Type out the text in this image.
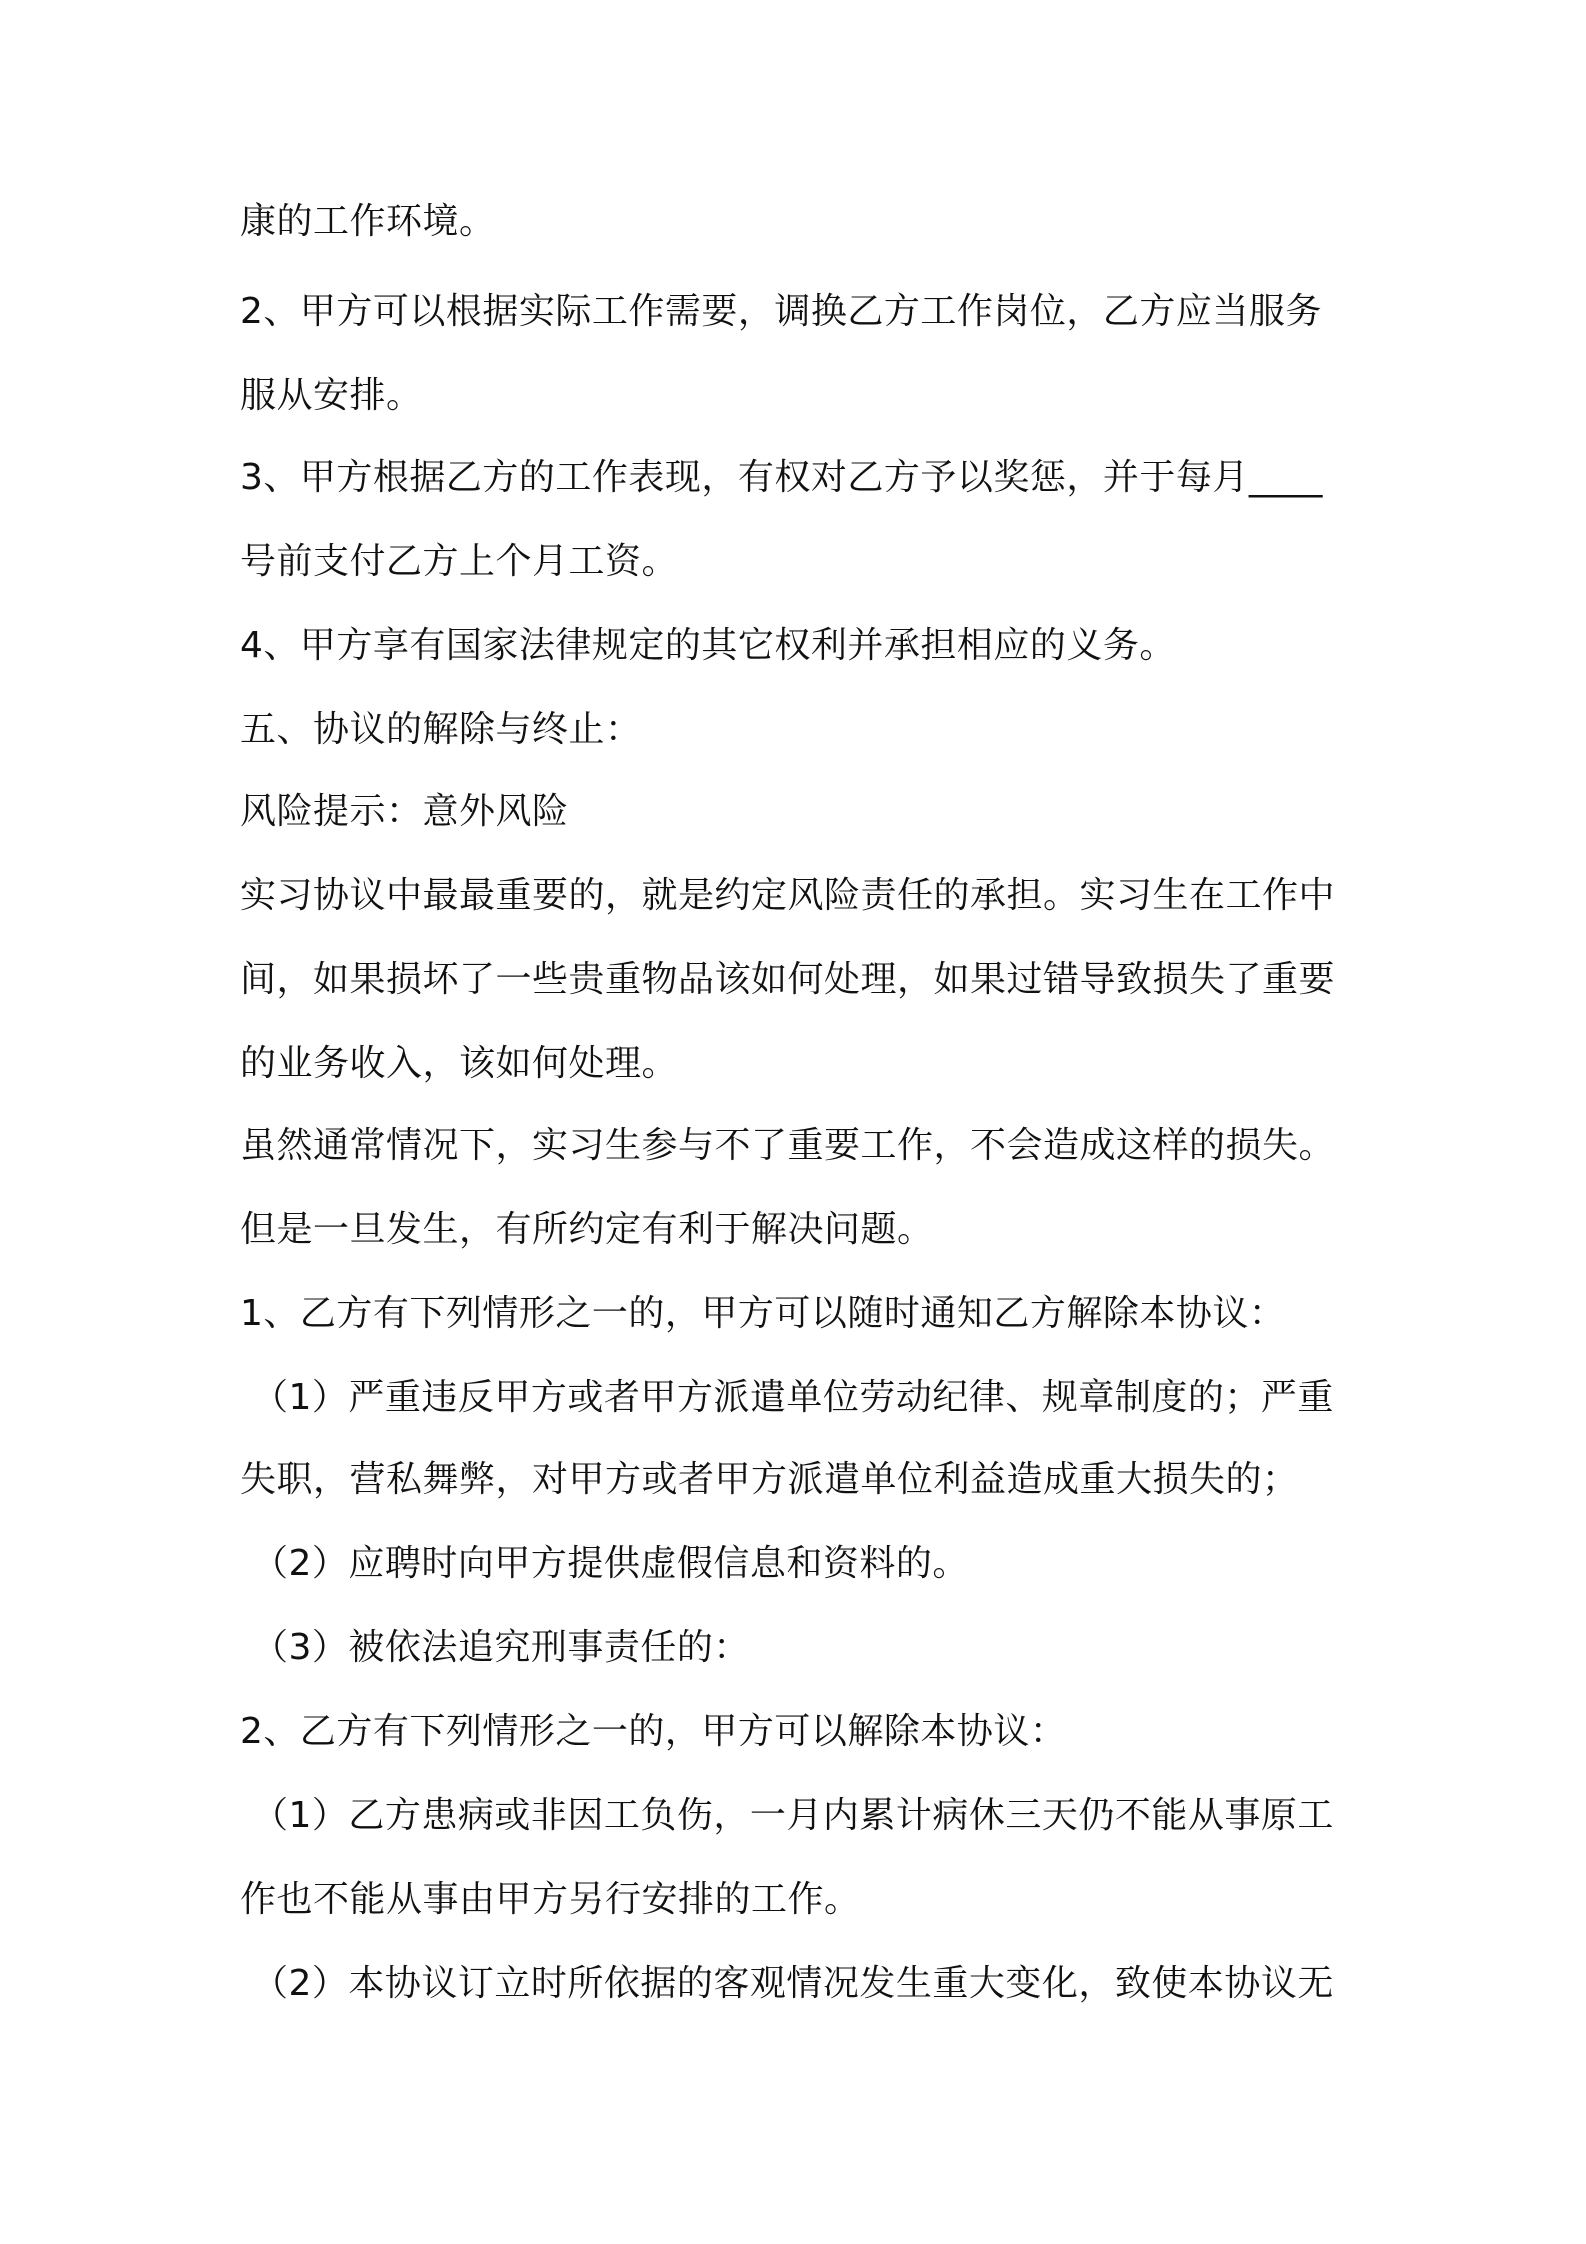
康的工作环境。
2、甲方可以根据实际工作需要，调换乙方工作岗位，乙方应当服务
服从安排。
3、甲方根据乙方的工作表现，有权对乙方予以奖惩，并于每月____
号前支付乙方上个月工资。
4、甲方享有国家法律规定的其它权利并承担相应的义务。
五、协议的解除与终止：
风险提示：意外风险
实习协议中最最重要的，就是约定风险责任的承担。实习生在工作中
间，如果损坏了一些贵重物品该如何处理，如果过错导致损失了重要
的业务收入，该如何处理。
虽然通常情况下，实习生参与不了重要工作，不会造成这样的损失。
但是一旦发生，有所约定有利于解决问题。
1、乙方有下列情形之一的，甲方可以随时通知乙方解除本协议：
（1）严重违反甲方或者甲方派遣单位劳动纪律、规章制度的；严重
失职，营私舞弊，对甲方或者甲方派遣单位利益造成重大损失的；
（2）应聘时向甲方提供虚假信息和资料的。
（3）被依法追究刑事责任的：
2、乙方有下列情形之一的，甲方可以解除本协议：
（1）乙方患病或非因工负伤，一月内累计病休三天仍不能从事原工
作也不能从事由甲方另行安排的工作。
（2）本协议订立时所依据的客观情况发生重大变化，致使本协议无
